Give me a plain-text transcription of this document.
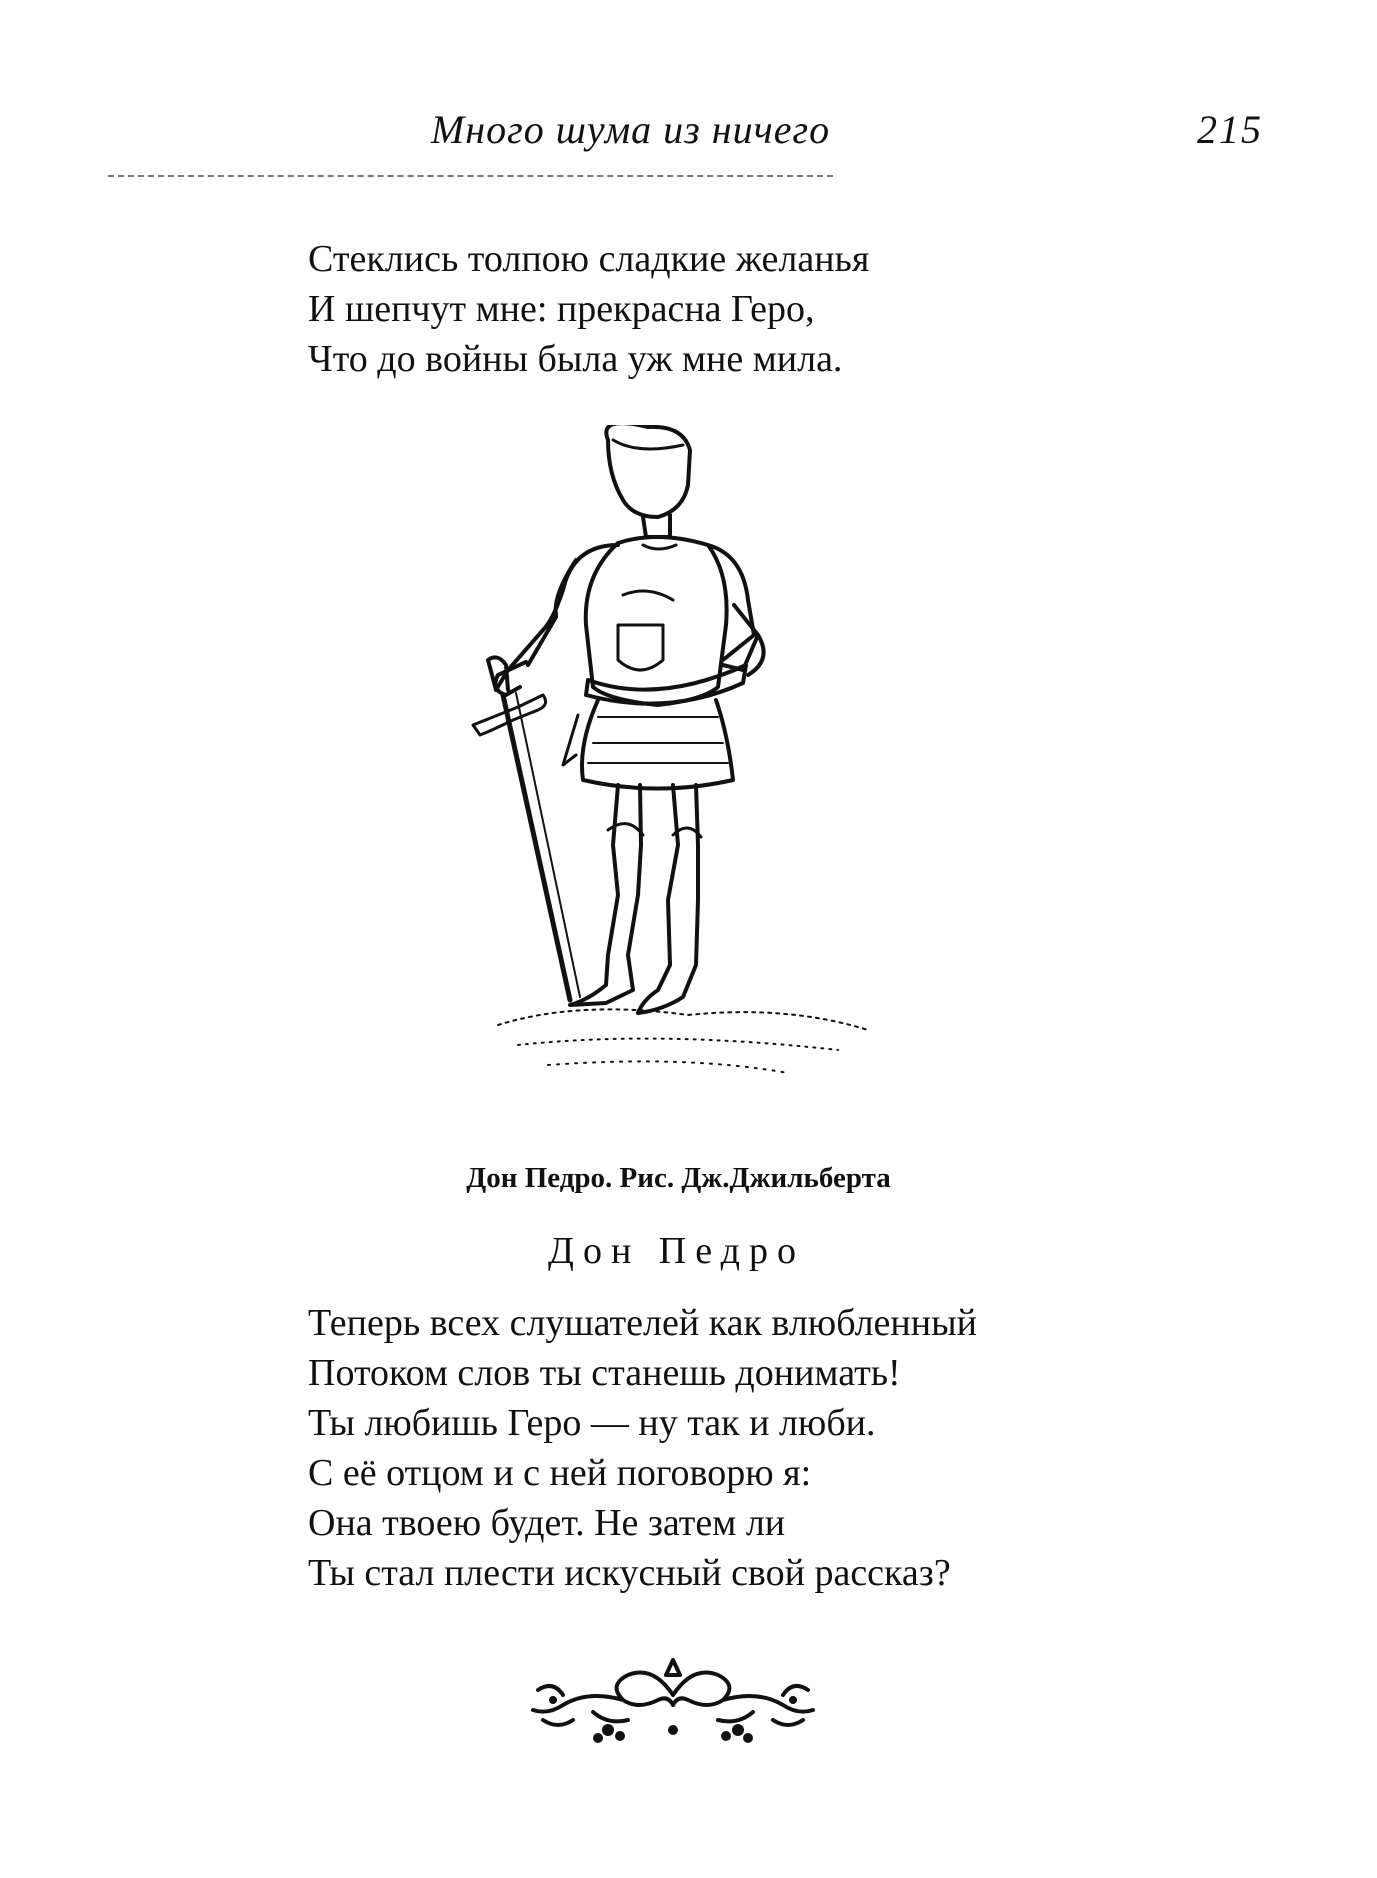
Много шума из ничего	215
Стеклись толпою сладкие желанья
И шепчут мне: прекрасна Геро,
Что до войны была уж мне мила.
Дон Педро. Рис. Дж.Джильберта
Дон Педро
Теперь всех слушателей как влюбленный
Потоком слов ты станешь донимать!
Ты любишь Геро — ну так и люби.
С её отцом и с ней поговорю я:
Она твоею будет. Не затем ли
Ты стал плести искусный свой рассказ?
